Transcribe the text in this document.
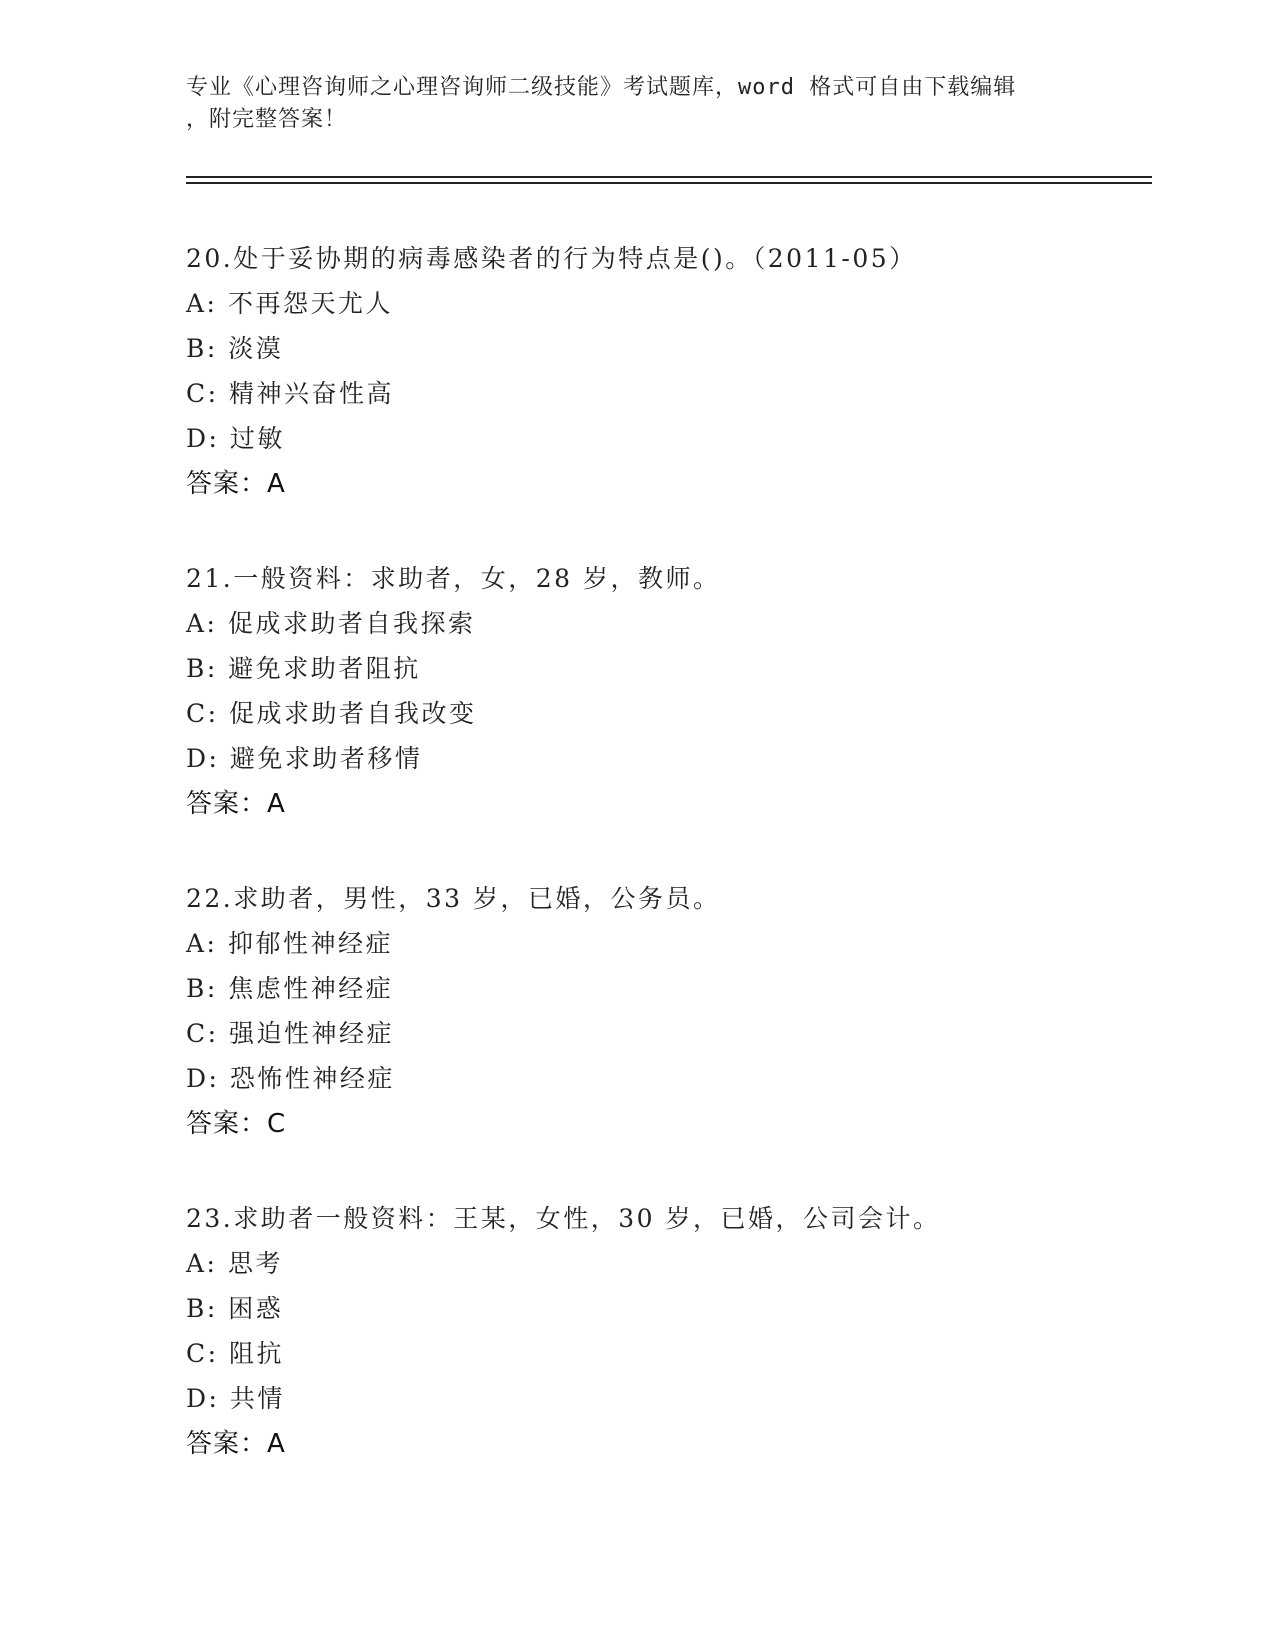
专业《心理咨询师之心理咨询师二级技能》考试题库，word 格式可自由下载编辑
，附完整答案！
20.处于妥协期的病毒感染者的行为特点是()。（2011-05）
A: 不再怨天尤人
B: 淡漠
C: 精神兴奋性高
D: 过敏
答案：A
21.一般资料：求助者，女，28 岁，教师。
A: 促成求助者自我探索
B: 避免求助者阻抗
C: 促成求助者自我改变
D: 避免求助者移情
答案：A
22.求助者，男性，33 岁，已婚，公务员。
A: 抑郁性神经症
B: 焦虑性神经症
C: 强迫性神经症
D: 恐怖性神经症
答案：C
23.求助者一般资料：王某，女性，30 岁，已婚，公司会计。
A: 思考
B: 困惑
C: 阻抗
D: 共情
答案：A
